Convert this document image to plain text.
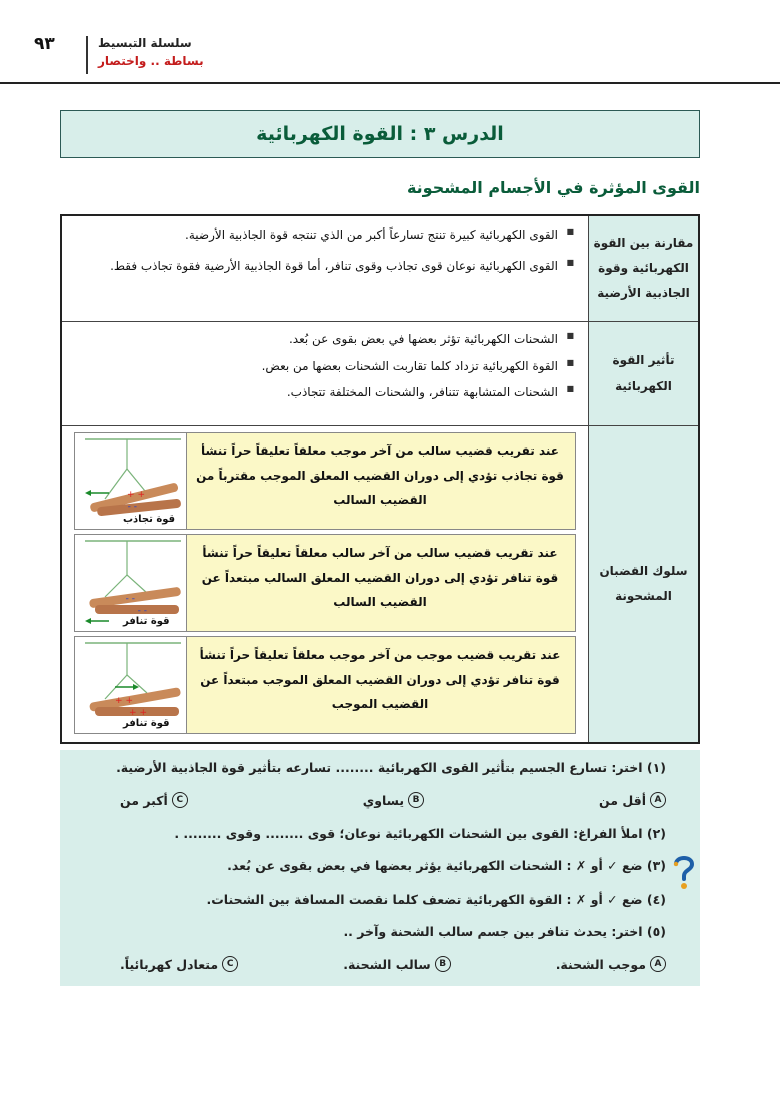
٩٣	سلسلة التبسيط
بساطة .. واختصار
الدرس ٣ : القوة الكهربائية
القوى المؤثرة في الأجسام المشحونة
مقارنة بين القوة الكهربائية وقوة الجاذبية الأرضية
■ القوى الكهربائية كبيرة تنتج تسارعاً أكبر من الذي تنتجه قوة الجاذبية الأرضية.
■ القوى الكهربائية نوعان قوى تجاذب وقوى تنافر، أما قوة الجاذبية الأرضية فقوة تجاذب فقط.
تأثير القوة الكهربائية
■ الشحنات الكهربائية تؤثر بعضها في بعض بقوى عن بُعد.
■ القوة الكهربائية تزداد كلما تقاربت الشحنات بعضها من بعض.
■ الشحنات المتشابهة تتنافر، والشحنات المختلفة تتجاذب.
سلوك القضبان المشحونة
عند تقريب قضيب سالب من آخر موجب معلقاً تعليقاً حراً تنشأ قوة تجاذب تؤدي إلى دوران القضيب المعلق الموجب مقترباً من القضيب السالب
+ +
- -
قوة تجاذب
عند تقريب قضيب سالب من آخر سالب معلقاً تعليقاً حراً تنشأ قوة تنافر تؤدي إلى دوران القضيب المعلق السالب مبتعداً عن القضيب السالب
- -
- -
قوة تنافر
عند تقريب قضيب موجب من آخر موجب معلقاً تعليقاً حراً تنشأ قوة تنافر تؤدي إلى دوران القضيب المعلق الموجب مبتعداً عن القضيب الموجب
+ +
+ +
قوة تنافر
(١) اختر: تسارع الجسيم بتأثير القوى الكهربائية ........ تسارعه بتأثير قوة الجاذبية الأرضية.
A
أقل من
B
يساوي
C
أكبر من
(٢) املأ الفراغ: القوى بين الشحنات الكهربائية نوعان؛ قوى ........ وقوى ........ .
(٣) ضع ✓ أو ✗ : الشحنات الكهربائية يؤثر بعضها في بعض بقوى عن بُعد.
(٤) ضع ✓ أو ✗ : القوة الكهربائية تضعف كلما نقصت المسافة بين الشحنات.
(٥) اختر: يحدث تنافر بين جسم سالب الشحنة وآخر ..
A
موجب الشحنة.
B
سالب الشحنة.
C
متعادل كهربائياً.
